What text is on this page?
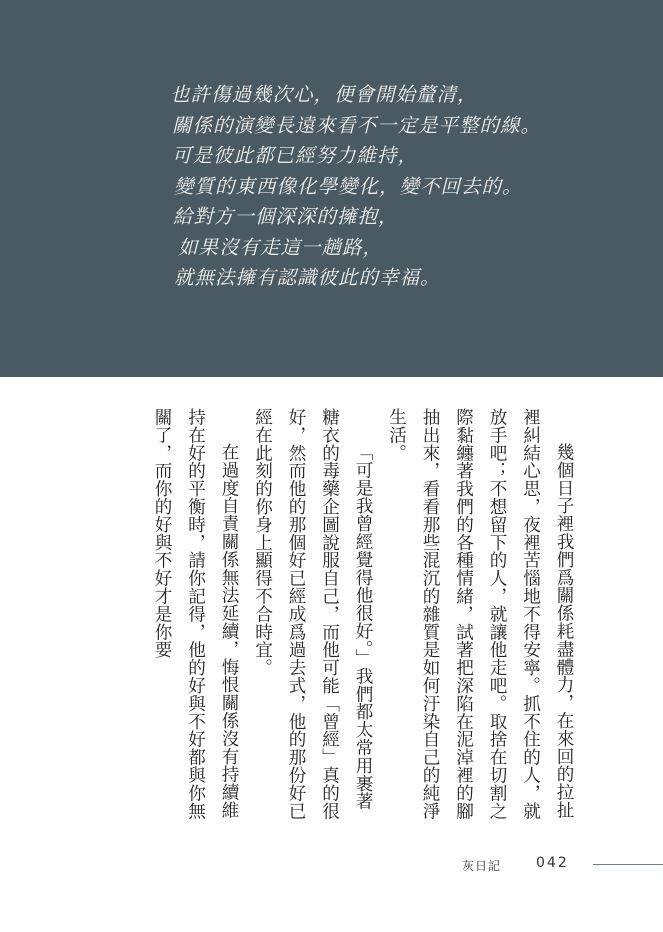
也許傷過幾次心，便會開始釐清，
關係的演變長遠來看不一定是平整的線。
可是彼此都已經努力維持，
變質的東西像化學變化，變不回去的。
給對方一個深深的擁抱，
如果沒有走這一趟路，
就無法擁有認識彼此的幸福。

幾個日子裡我們爲關係耗盡體力，在來回的拉扯裡糾結心思，夜裡苦惱地不得安寧。抓不住的人，就放手吧；不想留下的人，就讓他走吧。取捨在切割之際黏纏著我們的各種情緒，試著把深陷在泥淖裡的腳抽出來，看看那些混沉的雜質是如何汙染自己的純淨生活。

「可是我曾經覺得他很好。」我們都太常用裹著糖衣的毒藥企圖說服自己，而他可能「曾經」真的很好，然而他的那個好已經成爲過去式，他的那份好已經在此刻的你身上顯得不合時宜。

在過度自責關係無法延續，悔恨關係沒有持續維持在好的平衡時，請你記得，他的好與不好都與你無關了，而你的好與不好才是你要

灰日記 042
